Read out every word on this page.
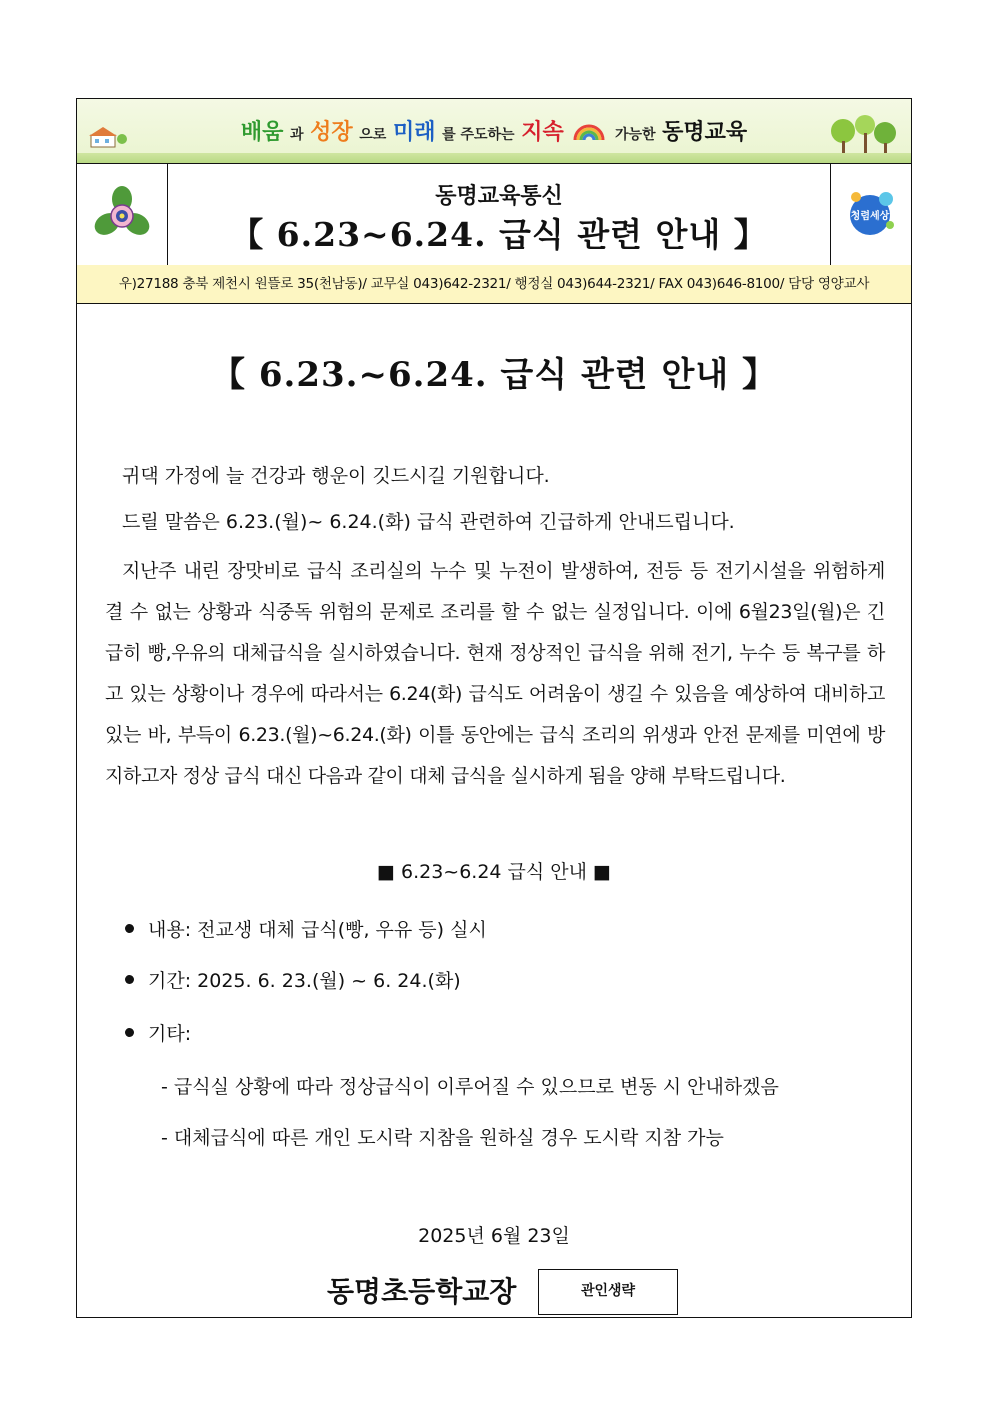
배움 과 성장 으로 미래 를 주도하는 지속	가능한 동명교육
동명교육통신
【 6.23~6.24. 급식 관련 안내 】	청렴세상
우)27188 충북 제천시 원뜰로 35(천남동)/ 교무실 043)642-2321/ 행정실 043)644-2321/ FAX 043)646-8100/ 담당 영양교사
【 6.23.~6.24. 급식 관련 안내 】
귀댁 가정에 늘 건강과 행운이 깃드시길 기원합니다.
드릴 말씀은 6.23.(월)~ 6.24.(화) 급식 관련하여 긴급하게 안내드립니다.
지난주 내린 장맛비로 급식 조리실의 누수 및 누전이 발생하여, 전등 등 전기시설을 위험하게 결 수 없는 상황과 식중독 위험의 문제로 조리를 할 수 없는 실정입니다. 이에 6월23일(월)은 긴급히 빵,우유의 대체급식을 실시하였습니다. 현재 정상적인 급식을 위해 전기, 누수 등 복구를 하고 있는 상황이나 경우에 따라서는 6.24(화) 급식도 어려움이 생길 수 있음을 예상하여 대비하고 있는 바, 부득이 6.23.(월)~6.24.(화) 이틀 동안에는 급식 조리의 위생과 안전 문제를 미연에 방지하고자 정상 급식 대신 다음과 같이 대체 급식을 실시하게 됨을 양해 부탁드립니다.
■ 6.23~6.24 급식 안내 ■
내용: 전교생 대체 급식(빵, 우유 등) 실시
기간: 2025. 6. 23.(월) ~ 6. 24.(화)
기타:
- 급식실 상황에 따라 정상급식이 이루어질 수 있으므로 변동 시 안내하겠음
- 대체급식에 따른 개인 도시락 지참을 원하실 경우 도시락 지참 가능
2025년 6월 23일
동명초등학교장	관인생략
